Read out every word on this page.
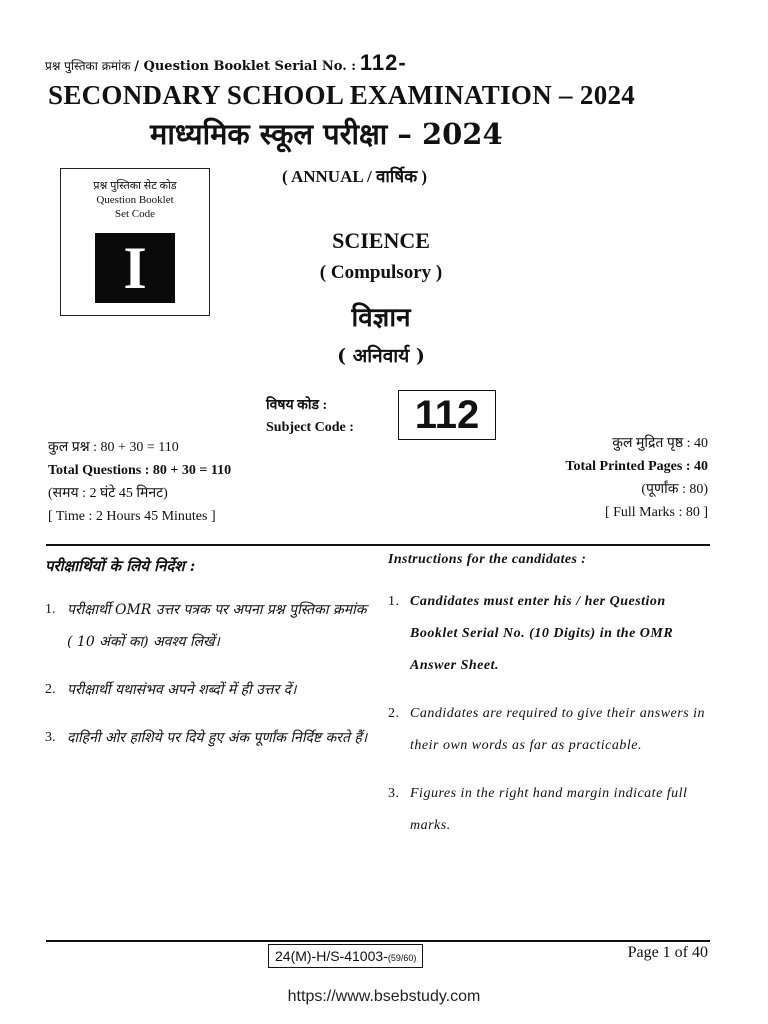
प्रश्न पुस्तिका क्रमांक / Question Booklet Serial No. : 112-
SECONDARY SCHOOL EXAMINATION – 2024
माध्यमिक स्कूल परीक्षा – 2024
प्रश्न पुस्तिका सेट कोड
Question Booklet
Set Code
I
( ANNUAL / वार्षिक )
SCIENCE
( Compulsory )
विज्ञान
( अनिवार्य )
विषय कोड :
Subject Code :	112
कुल प्रश्न : 80 + 30 = 110
Total Questions : 80 + 30 = 110
(समय : 2 घंटे 45 मिनट)
[ Time : 2 Hours 45 Minutes ]
कुल मुद्रित पृष्ठ : 40
Total Printed Pages : 40
(पूर्णांक : 80)
[ Full Marks : 80 ]
परीक्षार्थियों के लिये निर्देश :
1. परीक्षार्थी OMR उत्तर पत्रक पर अपना प्रश्न पुस्तिका क्रमांक ( 10 अंकों का) अवश्य लिखें।
2. परीक्षार्थी यथासंभव अपने शब्दों में ही उत्तर दें।
3. दाहिनी ओर हाशिये पर दिये हुए अंक पूर्णांक निर्दिष्ट करते हैं।
Instructions for the candidates :
1. Candidates must enter his / her Question Booklet Serial No. (10 Digits) in the OMR Answer Sheet.
2. Candidates are required to give their answers in their own words as far as practicable.
3. Figures in the right hand margin indicate full marks.
24(M)-H/S-41003-(59/60)	Page 1 of 40
https://www.bsebstudy.com
